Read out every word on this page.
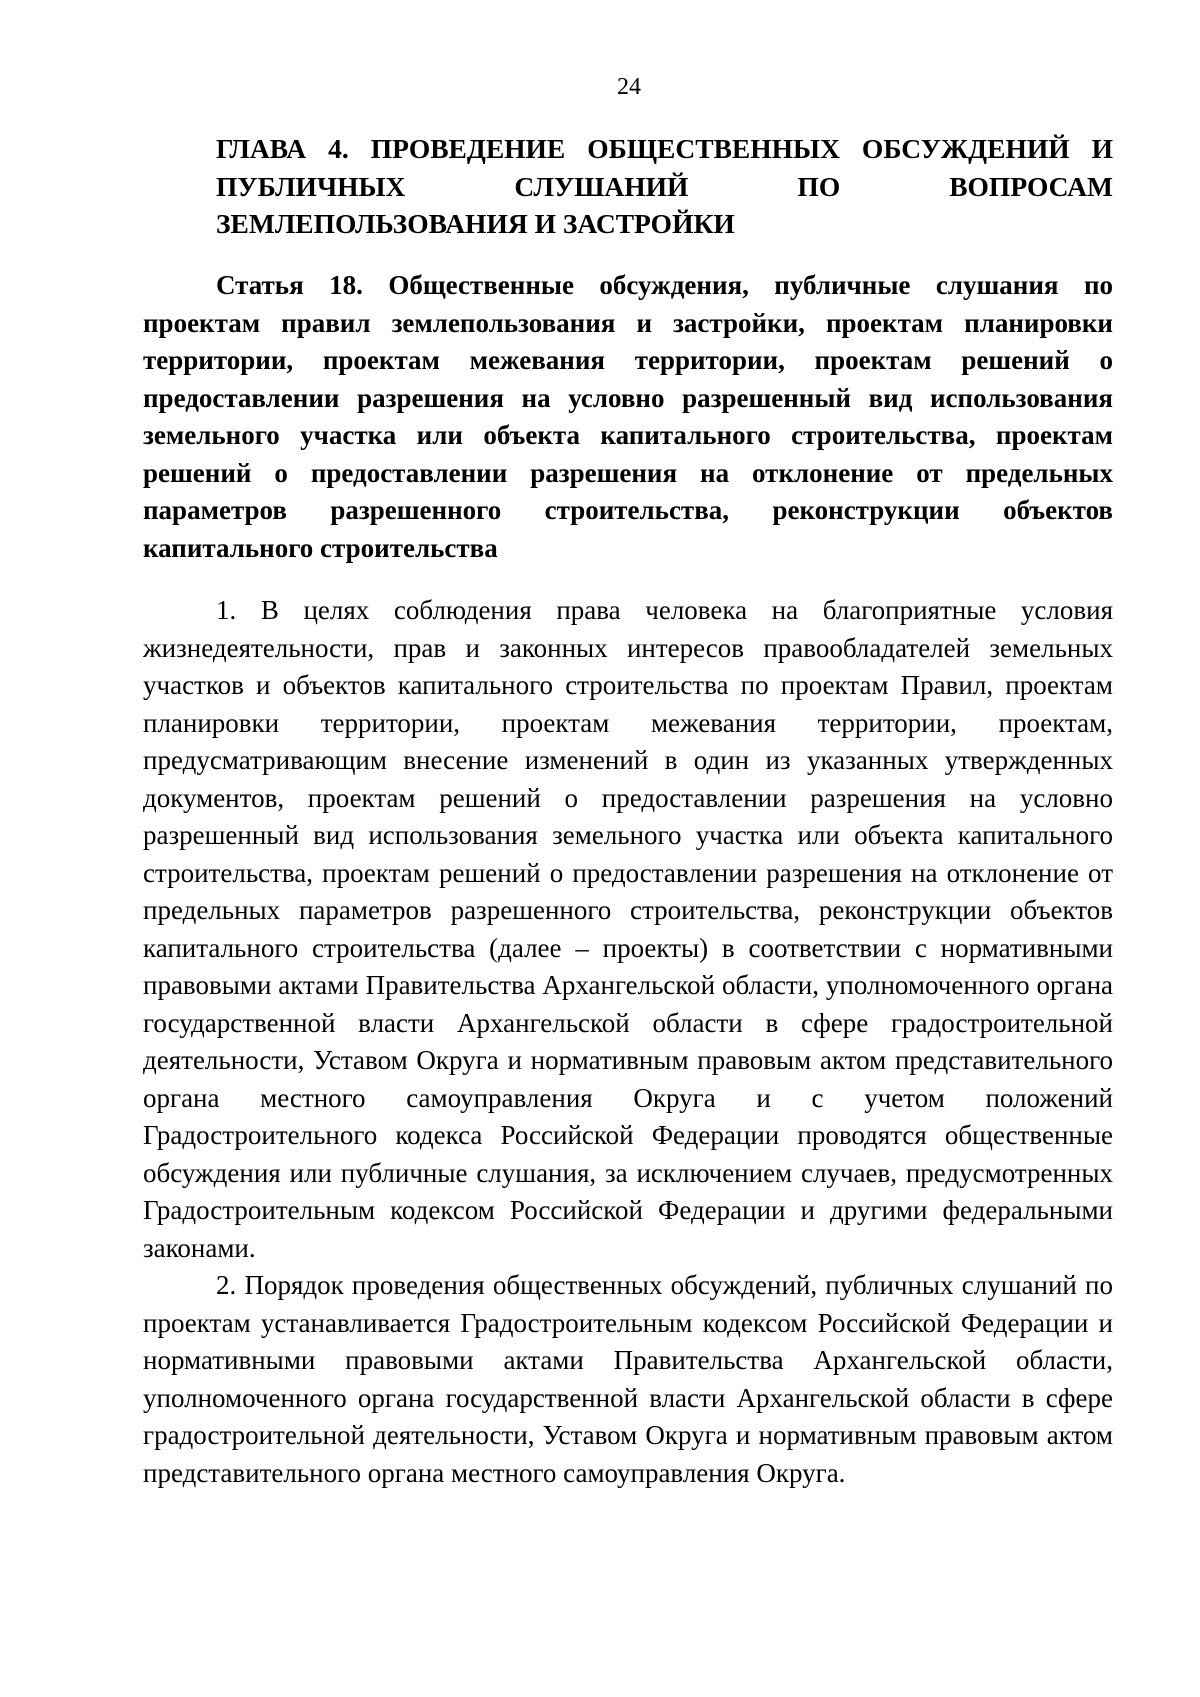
24

ГЛАВА 4. ПРОВЕДЕНИЕ ОБЩЕСТВЕННЫХ ОБСУЖДЕНИЙ И ПУБЛИЧНЫХ СЛУШАНИЙ ПО ВОПРОСАМ ЗЕМЛЕПОЛЬЗОВАНИЯ И ЗАСТРОЙКИ
Статья 18. Общественные обсуждения, публичные слушания по проектам правил землепользования и застройки, проектам планировки территории, проектам межевания территории, проектам решений о предоставлении разрешения на условно разрешенный вид использования земельного участка или объекта капитального строительства, проектам решений о предоставлении разрешения на отклонение от предельных параметров разрешенного строительства, реконструкции объектов капитального строительства

1. В целях соблюдения права человека на благоприятные условия жизнедеятельности, прав и законных интересов правообладателей земельных участков и объектов капитального строительства по проектам Правил, проектам планировки территории, проектам межевания территории, проектам, предусматривающим внесение изменений в один из указанных утвержденных документов, проектам решений о предоставлении разрешения на условно разрешенный вид использования земельного участка или объекта капитального строительства, проектам решений о предоставлении разрешения на отклонение от предельных параметров разрешенного строительства, реконструкции объектов капитального строительства (далее – проекты) в соответствии с нормативными правовыми актами Правительства Архангельской области, уполномоченного органа государственной власти Архангельской области в сфере градостроительной деятельности, Уставом Округа и нормативным правовым актом представительного органа местного самоуправления Округа и с учетом положений Градостроительного кодекса Российской Федерации проводятся общественные обсуждения или публичные слушания, за исключением случаев, предусмотренных Градостроительным кодексом Российской Федерации и другими федеральными законами.

2. Порядок проведения общественных обсуждений, публичных слушаний по проектам устанавливается Градостроительным кодексом Российской Федерации и нормативными правовыми актами Правительства Архангельской области, уполномоченного органа государственной власти Архангельской области в сфере градостроительной деятельности, Уставом Округа и нормативным правовым актом представительного органа местного самоуправления Округа.
